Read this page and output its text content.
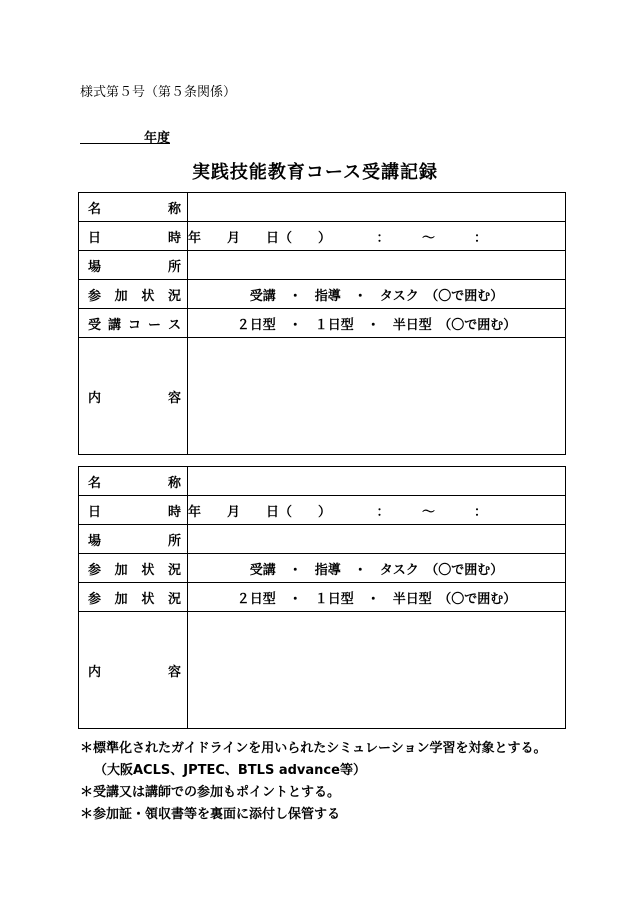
様式第５号（第５条関係）
年度
実践技能教育コース受講記録
名 称	

日 時	年　　月　　日（　　）　　　　：　　　～　　　：

場 所	

参 加 状 況	受講　・　指導　・　タスク　（〇で囲む）

受 講 コ ー ス	２日型　・　１日型　・　半日型　（〇で囲む）

内 容	

名 称	

日 時	年　　月　　日（　　）　　　　：　　　～　　　：

場 所	

参 加 状 況	受講　・　指導　・　タスク　（〇で囲む）

参 加 状 況	２日型　・　１日型　・　半日型　（〇で囲む）

内 容	

＊標準化されたガイドラインを用いられたシミュレーション学習を対象とする。
（大阪ACLS、JPTEC、BTLS advance等）
＊受講又は講師での参加もポイントとする。
＊参加証・領収書等を裏面に添付し保管する
